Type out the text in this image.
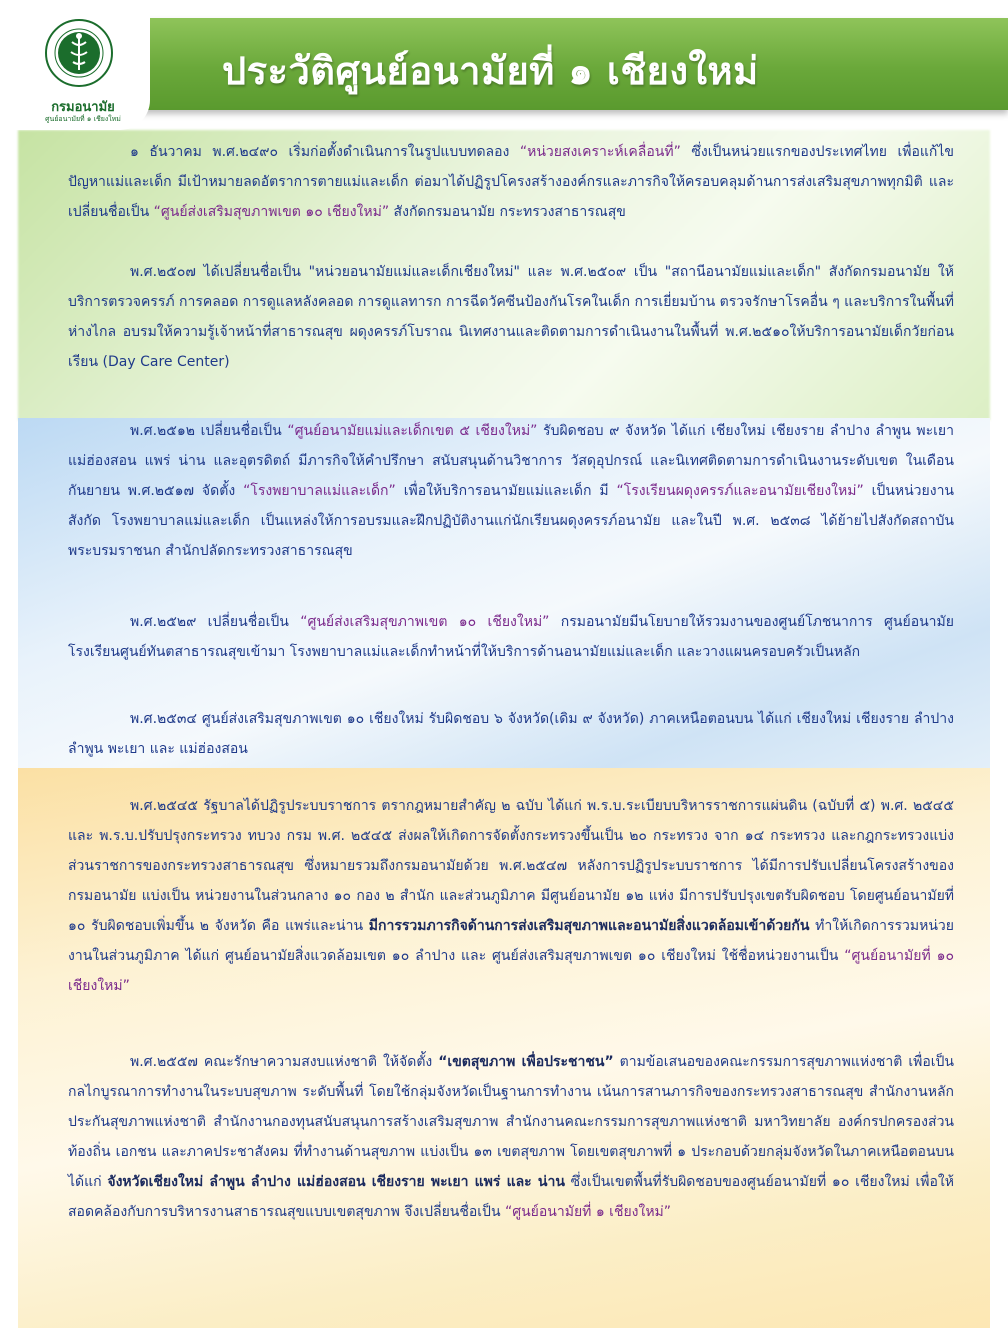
กรมอนามัย
ศูนย์อนามัยที่ ๑ เชียงใหม่
ประวัติศูนย์อนามัยที่ ๑ เชียงใหม่

๑ ธันวาคม พ.ศ.๒๔๙๐ เริ่มก่อตั้งดำเนินการในรูปแบบทดลอง “หน่วยสงเคราะห์เคลื่อนที่” ซึ่งเป็นหน่วยแรกของประเทศไทย เพื่อแก้ไขปัญหาแม่และเด็ก มีเป้าหมายลดอัตราการตายแม่และเด็ก ต่อมาได้ปฏิรูปโครงสร้างองค์กรและภารกิจให้ครอบคลุมด้านการส่งเสริมสุขภาพทุกมิติ และเปลี่ยนชื่อเป็น “ศูนย์ส่งเสริมสุขภาพเขต ๑๐ เชียงใหม่” สังกัดกรมอนามัย กระทรวงสาธารณสุข

พ.ศ.๒๕๐๗ ได้เปลี่ยนชื่อเป็น "หน่วยอนามัยแม่และเด็กเชียงใหม่" และ พ.ศ.๒๕๐๙ เป็น "สถานีอนามัยแม่และเด็ก" สังกัดกรมอนามัย ให้บริการตรวจครรภ์ การคลอด การดูแลหลังคลอด การดูแลทารก การฉีดวัคซีนป้องกันโรคในเด็ก การเยี่ยมบ้าน ตรวจรักษาโรคอื่น ๆ และบริการในพื้นที่ห่างไกล อบรมให้ความรู้เจ้าหน้าที่สาธารณสุข ผดุงครรภ์โบราณ นิเทศงานและติดตามการดำเนินงานในพื้นที่ พ.ศ.๒๕๑๐ให้บริการอนามัยเด็กวัยก่อนเรียน (Day Care Center)

พ.ศ.๒๕๑๒ เปลี่ยนชื่อเป็น “ศูนย์อนามัยแม่และเด็กเขต ๕ เชียงใหม่” รับผิดชอบ ๙ จังหวัด ได้แก่ เชียงใหม่ เชียงราย ลำปาง ลำพูน พะเยา แม่ฮ่องสอน แพร่ น่าน และอุตรดิตถ์ มีภารกิจให้คำปรึกษา สนับสนุนด้านวิชาการ วัสดุอุปกรณ์ และนิเทศติดตามการดำเนินงานระดับเขต ในเดือนกันยายน พ.ศ.๒๕๑๗ จัดตั้ง “โรงพยาบาลแม่และเด็ก” เพื่อให้บริการอนามัยแม่และเด็ก มี “โรงเรียนผดุงครรภ์และอนามัยเชียงใหม่” เป็นหน่วยงานสังกัด โรงพยาบาลแม่และเด็ก เป็นแหล่งให้การอบรมและฝึกปฏิบัติงานแก่นักเรียนผดุงครรภ์อนามัย และในปี พ.ศ. ๒๕๓๘ ได้ย้ายไปสังกัดสถาบันพระบรมราชนก สำนักปลัดกระทรวงสาธารณสุข

พ.ศ.๒๕๒๙ เปลี่ยนชื่อเป็น “ศูนย์ส่งเสริมสุขภาพเขต ๑๐ เชียงใหม่” กรมอนามัยมีนโยบายให้รวมงานของศูนย์โภชนาการ ศูนย์อนามัย โรงเรียนศูนย์ทันตสาธารณสุขเข้ามา โรงพยาบาลแม่และเด็กทำหน้าที่ให้บริการด้านอนามัยแม่และเด็ก และวางแผนครอบครัวเป็นหลัก

พ.ศ.๒๕๓๔ ศูนย์ส่งเสริมสุขภาพเขต ๑๐ เชียงใหม่ รับผิดชอบ ๖ จังหวัด(เดิม ๙ จังหวัด) ภาคเหนือตอนบน ได้แก่ เชียงใหม่ เชียงราย ลำปาง ลำพูน พะเยา และ แม่ฮ่องสอน

พ.ศ.๒๕๔๕ รัฐบาลได้ปฏิรูประบบราชการ ตรากฎหมายสำคัญ ๒ ฉบับ ได้แก่ พ.ร.บ.ระเบียบบริหารราชการแผ่นดิน (ฉบับที่ ๕) พ.ศ. ๒๕๔๕ และ พ.ร.บ.ปรับปรุงกระทรวง ทบวง กรม พ.ศ. ๒๕๔๕ ส่งผลให้เกิดการจัดตั้งกระทรวงขึ้นเป็น ๒๐ กระทรวง จาก ๑๔ กระทรวง และกฎกระทรวงแบ่งส่วนราชการของกระทรวงสาธารณสุข ซึ่งหมายรวมถึงกรมอนามัยด้วย พ.ศ.๒๕๔๗ หลังการปฏิรูประบบราชการ ได้มีการปรับเปลี่ยนโครงสร้างของกรมอนามัย แบ่งเป็น หน่วยงานในส่วนกลาง ๑๐ กอง ๒ สำนัก และส่วนภูมิภาค มีศูนย์อนามัย ๑๒ แห่ง มีการปรับปรุงเขตรับผิดชอบ โดยศูนย์อนามัยที่ ๑๐ รับผิดชอบเพิ่มขึ้น ๒ จังหวัด คือ แพร่และน่าน มีการรวมภารกิจด้านการส่งเสริมสุขภาพและอนามัยสิ่งแวดล้อมเข้าด้วยกัน ทำให้เกิดการรวมหน่วยงานในส่วนภูมิภาค ได้แก่ ศูนย์อนามัยสิ่งแวดล้อมเขต ๑๐ ลำปาง และ ศูนย์ส่งเสริมสุขภาพเขต ๑๐ เชียงใหม่ ใช้ชื่อหน่วยงานเป็น “ศูนย์อนามัยที่ ๑๐ เชียงใหม่”

พ.ศ.๒๕๕๗ คณะรักษาความสงบแห่งชาติ ให้จัดตั้ง “เขตสุขภาพ เพื่อประชาชน” ตามข้อเสนอของคณะกรรมการสุขภาพแห่งชาติ เพื่อเป็นกลไกบูรณาการทำงานในระบบสุขภาพ ระดับพื้นที่ โดยใช้กลุ่มจังหวัดเป็นฐานการทำงาน เน้นการสานภารกิจของกระทรวงสาธารณสุข สำนักงานหลักประกันสุขภาพแห่งชาติ สำนักงานกองทุนสนับสนุนการสร้างเสริมสุขภาพ สำนักงานคณะกรรมการสุขภาพแห่งชาติ มหาวิทยาลัย องค์กรปกครองส่วนท้องถิ่น เอกชน และภาคประชาสังคม ที่ทำงานด้านสุขภาพ แบ่งเป็น ๑๓ เขตสุขภาพ โดยเขตสุขภาพที่ ๑ ประกอบด้วยกลุ่มจังหวัดในภาคเหนือตอนบน ได้แก่ จังหวัดเชียงใหม่ ลำพูน ลำปาง แม่ฮ่องสอน เชียงราย พะเยา แพร่ และ น่าน ซึ่งเป็นเขตพื้นที่รับผิดชอบของศูนย์อนามัยที่ ๑๐ เชียงใหม่ เพื่อให้สอดคล้องกับการบริหารงานสาธารณสุขแบบเขตสุขภาพ จึงเปลี่ยนชื่อเป็น “ศูนย์อนามัยที่ ๑ เชียงใหม่”
